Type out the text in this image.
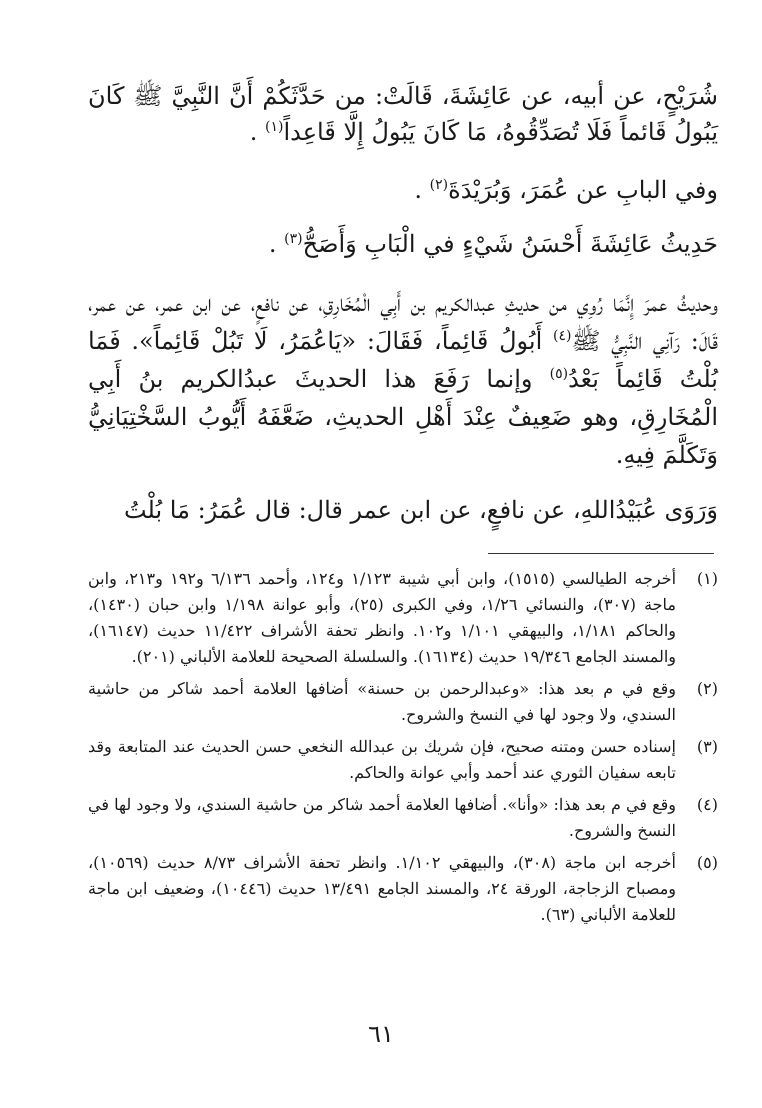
شُرَيْحٍ، عن أبيه، عن عَائِشَةَ، قَالَتْ: من حَدَّثَكُمْ أَنَّ النَّبِيَّ ﷺ كَانَ يَبُولُ قَائماً فَلَا تُصَدِّقُوهُ، مَا كَانَ يَبُولُ إِلَّا قَاعِداً$^{(١)}$ .

وفي البابِ عن عُمَرَ، وَبُرَيْدَةَ$^{(٢)}$ .

حَدِيثُ عَائِشَةَ أَحْسَنُ شَيْءٍ في الْبَابِ وَأَصَحُّ$^{(٣)}$ .

وحديثُ عمرَ إِنَّمَا رُوِي من حديثِ عبدالكريم بن أَبِي الْمُخَارِقِ، عن نافعٍ، عن ابن عمر، عن عمر، قَالَ: رَآنِي النَّبِيُّ ﷺ$^{(٤)}$ أَبُولُ قَائِماً، فَقَالَ: «يَاعُمَرُ، لَا تَبُلْ قَائِماً». فَمَا بُلْتُ قَائِماً بَعْدُ$^{(٥)}$ وإنما رَفَعَ هذا الحديثَ عبدُالكريم بنُ أَبِي الْمُخَارِقِ، وهو ضَعِيفٌ عِنْدَ أَهْلِ الحديثِ، ضَعَّفَهُ أَيُّوبُ السَّخْتِيَانِيُّ وَتَكَلَّمَ فِيهِ.

وَرَوَى عُبَيْدُاللهِ، عن نافعٍ، عن ابن عمر قال: قال عُمَرُ: مَا بُلْتُ

(١)
أخرجه الطيالسي (١٥١٥)، وابن أبي شيبة ١/١٢٣ و١٢٤، وأحمد ٦/١٣٦ و١٩٢ و٢١٣، وابن ماجة (٣٠٧)، والنسائي ١/٢٦، وفي الكبرى (٢٥)، وأبو عوانة ١/١٩٨ وابن حبان (١٤٣٠)، والحاكم ١/١٨١، والبيهقي ١/١٠١ و١٠٢. وانظر تحفة الأشراف ١١/٤٢٢ حديث (١٦١٤٧)، والمسند الجامع ١٩/٣٤٦ حديث (١٦١٣٤). والسلسلة الصحيحة للعلامة الألباني (٢٠١).
(٢)
وقع في م بعد هذا: «وعبدالرحمن بن حسنة» أضافها العلامة أحمد شاكر من حاشية السندي، ولا وجود لها في النسخ والشروح.
(٣)
إسناده حسن ومتنه صحيح، فإن شريك بن عبدالله النخعي حسن الحديث عند المتابعة وقد تابعه سفيان الثوري عند أحمد وأبي عوانة والحاكم.
(٤)
وقع في م بعد هذا: «وأنا». أضافها العلامة أحمد شاكر من حاشية السندي، ولا وجود لها في النسخ والشروح.
(٥)
أخرجه ابن ماجة (٣٠٨)، والبيهقي ١/١٠٢. وانظر تحفة الأشراف ٨/٧٣ حديث (١٠٥٦٩)، ومصباح الزجاجة، الورقة ٢٤، والمسند الجامع ١٣/٤٩١ حديث (١٠٤٤٦)، وضعيف ابن ماجة للعلامة الألباني (٦٣).
٦١
